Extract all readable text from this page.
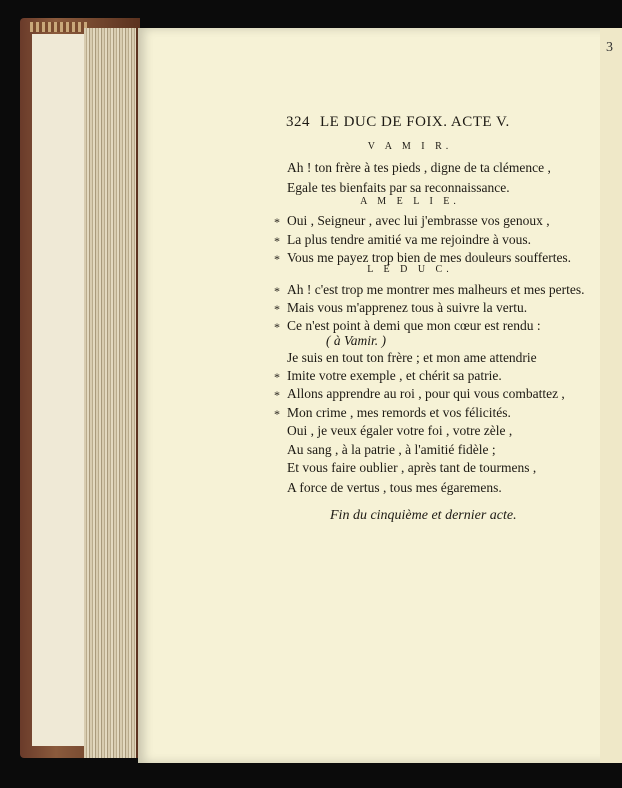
3
324 LE DUC DE FOIX. ACTE V.
V A M I R.
Ah ! ton frère à tes pieds , digne de ta clémence ,
Egale tes bienfaits par sa reconnaissance.
A M E L I E.
Oui , Seigneur , avec lui j'embrasse vos genoux ,
*
La plus tendre amitié va me rejoindre à vous.
*
Vous me payez trop bien de mes douleurs souffertes.
*
L E D U C.
Ah ! c'est trop me montrer mes malheurs et mes pertes.
*
Mais vous m'apprenez tous à suivre la vertu.
*
Ce n'est point à demi que mon cœur est rendu :
*
( à Vamir. )
Je suis en tout ton frère ; et mon ame attendrie
Imite votre exemple , et chérit sa patrie.
*
Allons apprendre au roi , pour qui vous combattez ,
*
Mon crime , mes remords et vos félicités.
*
Oui , je veux égaler votre foi , votre zèle ,
Au sang , à la patrie , à l'amitié fidèle ;
Et vous faire oublier , après tant de tourmens ,
A force de vertus , tous mes égaremens.
Fin du cinquième et dernier acte.
